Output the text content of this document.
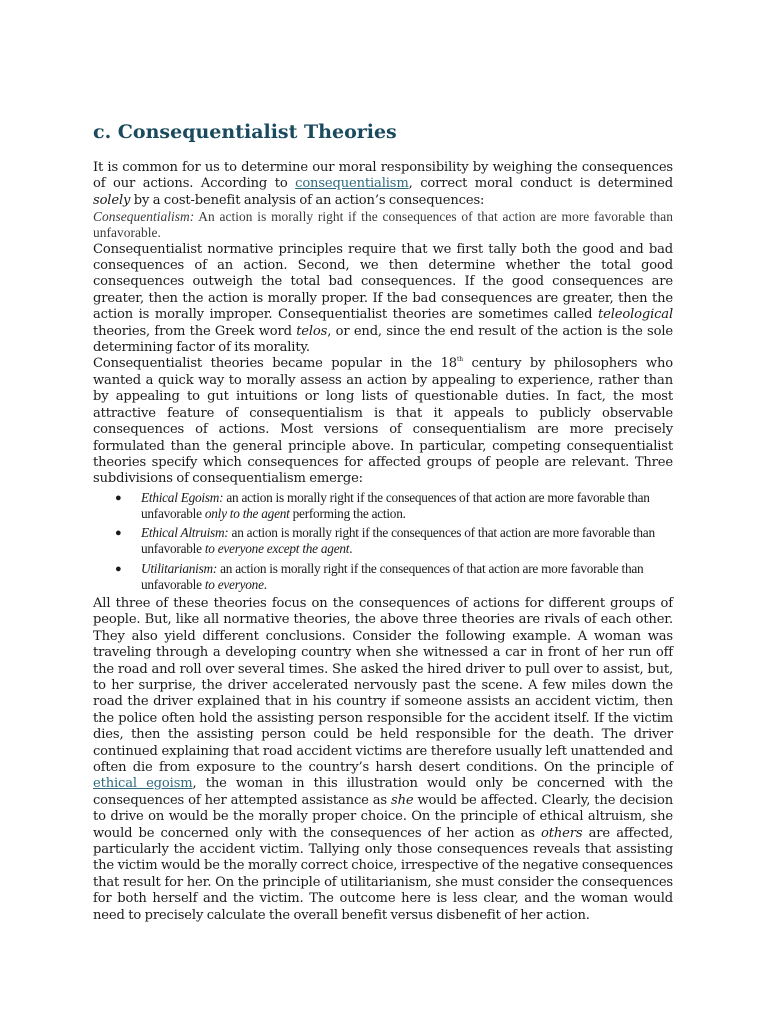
c. Consequentialist Theories

It is common for us to determine our moral responsibility by weighing the consequences of our actions. According to consequentialism, correct moral conduct is determined solely by a cost-benefit analysis of an action’s consequences:

Consequentialism: An action is morally right if the consequences of that action are more favorable than unfavorable.

Consequentialist normative principles require that we first tally both the good and bad consequences of an action. Second, we then determine whether the total good consequences outweigh the total bad consequences. If the good consequences are greater, then the action is morally proper. If the bad consequences are greater, then the action is morally improper. Consequentialist theories are sometimes called teleological theories, from the Greek word telos, or end, since the end result of the action is the sole determining factor of its morality.

Consequentialist theories became popular in the 18th century by philosophers who wanted a quick way to morally assess an action by appealing to experience, rather than by appealing to gut intuitions or long lists of questionable duties. In fact, the most attractive feature of consequentialism is that it appeals to publicly observable consequences of actions. Most versions of consequentialism are more precisely formulated than the general principle above. In particular, competing consequentialist theories specify which consequences for affected groups of people are relevant. Three subdivisions of consequentialism emerge:

● Ethical Egoism: an action is morally right if the consequences of that action are more favorable than unfavorable only to the agent performing the action.
● Ethical Altruism: an action is morally right if the consequences of that action are more favorable than unfavorable to everyone except the agent.
● Utilitarianism: an action is morally right if the consequences of that action are more favorable than unfavorable to everyone.

All three of these theories focus on the consequences of actions for different groups of people. But, like all normative theories, the above three theories are rivals of each other. They also yield different conclusions. Consider the following example. A woman was traveling through a developing country when she witnessed a car in front of her run off the road and roll over several times. She asked the hired driver to pull over to assist, but, to her surprise, the driver accelerated nervously past the scene. A few miles down the road the driver explained that in his country if someone assists an accident victim, then the police often hold the assisting person responsible for the accident itself. If the victim dies, then the assisting person could be held responsible for the death. The driver continued explaining that road accident victims are therefore usually left unattended and often die from exposure to the country’s harsh desert conditions. On the principle of ethical egoism, the woman in this illustration would only be concerned with the consequences of her attempted assistance as she would be affected. Clearly, the decision to drive on would be the morally proper choice. On the principle of ethical altruism, she would be concerned only with the consequences of her action as others are affected, particularly the accident victim. Tallying only those consequences reveals that assisting the victim would be the morally correct choice, irrespective of the negative consequences that result for her. On the principle of utilitarianism, she must consider the consequences for both herself and the victim. The outcome here is less clear, and the woman would need to precisely calculate the overall benefit versus disbenefit of her action.
